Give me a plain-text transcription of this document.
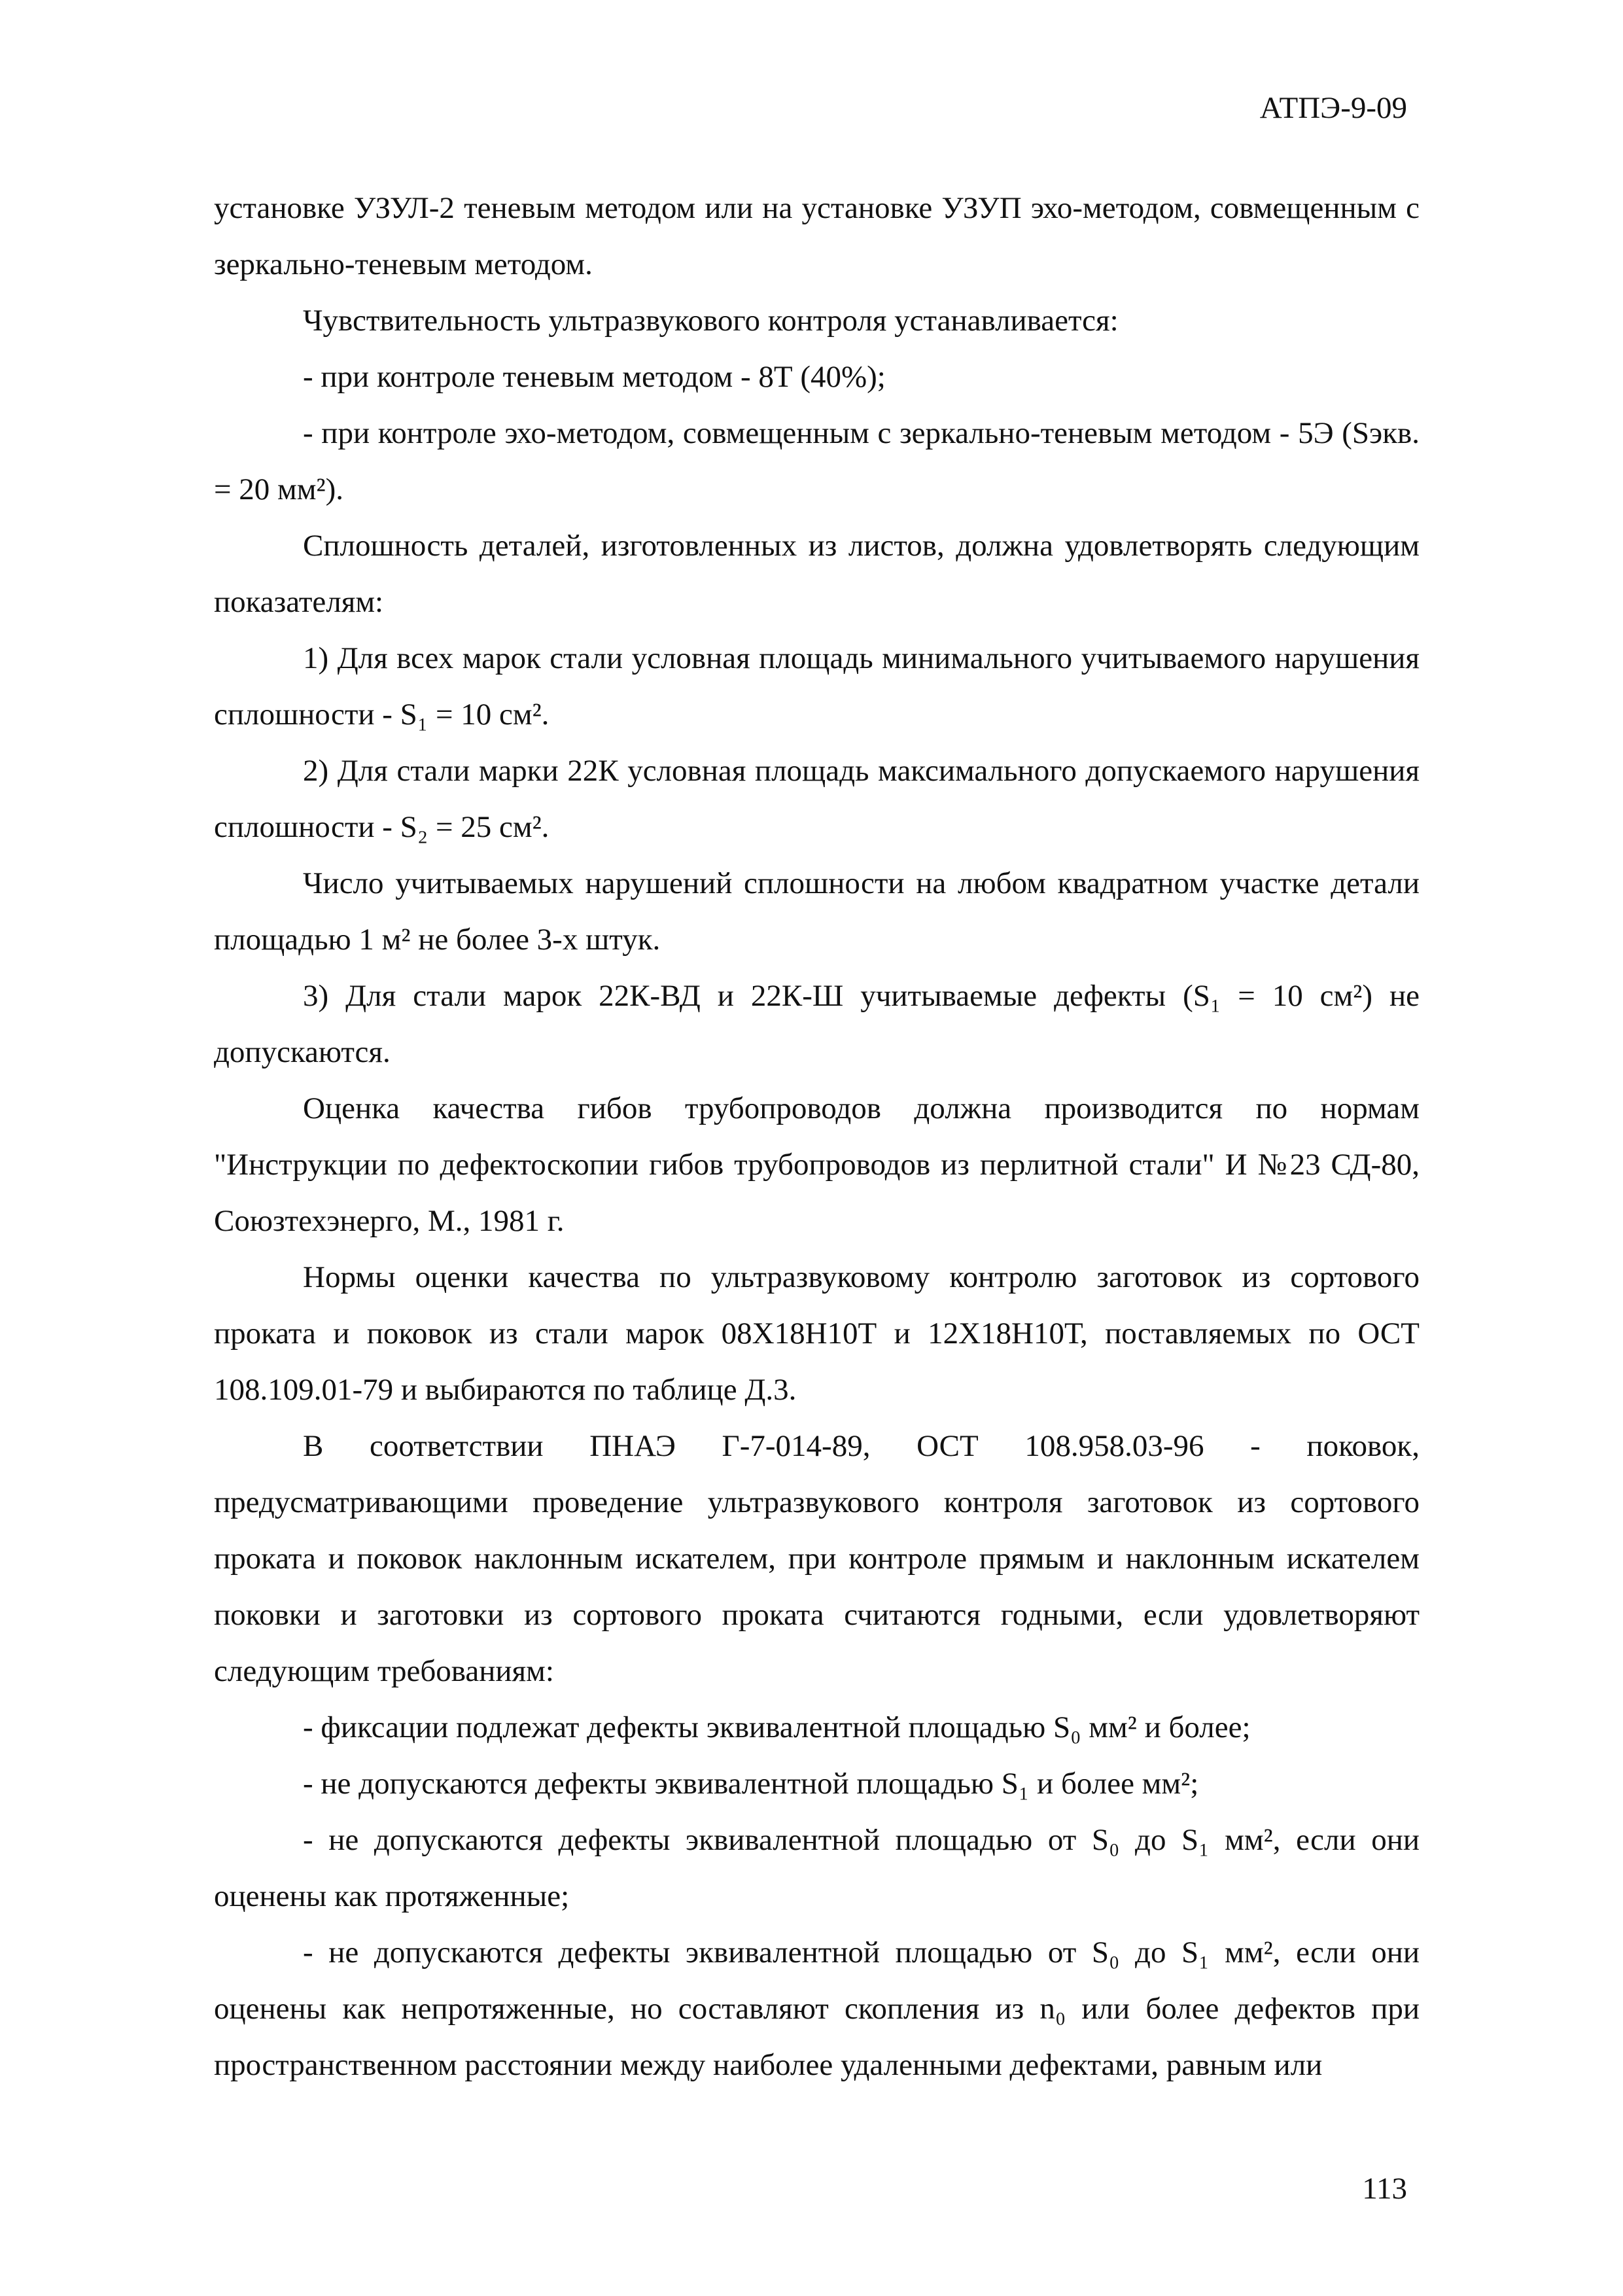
АТПЭ-9-09

установке УЗУЛ-2 теневым методом или на установке УЗУП эхо-методом, совмещенным с зеркально-теневым методом.

Чувствительность ультразвукового контроля устанавливается:

- при контроле теневым методом - 8Т (40%);

- при контроле эхо-методом, совмещенным с зеркально-теневым методом - 5Э (Sэкв. = 20 мм²).

Сплошность деталей, изготовленных из листов, должна удовлетворять следующим показателям:

1) Для всех марок стали условная площадь минимального учитываемого нарушения сплошности - S₁ = 10 см².

2) Для стали марки 22К условная площадь максимального допускаемого нарушения сплошности - S₂ = 25 см².

Число учитываемых нарушений сплошности на любом квадратном участке детали площадью 1 м² не более 3-х штук.

3) Для стали марок 22К-ВД и 22К-Ш учитываемые дефекты (S₁ = 10 см²) не допускаются.

Оценка качества гибов трубопроводов должна производится по нормам "Инструкции по дефектоскопии гибов трубопроводов из перлитной стали" И №23 СД-80, Союзтехэнерго, М., 1981 г.

Нормы оценки качества по ультразвуковому контролю заготовок из сортового проката и поковок из стали марок 08Х18Н10Т и 12Х18Н10Т, поставляемых по ОСТ 108.109.01-79 и выбираются по таблице Д.3.

В соответствии ПНАЭ Г-7-014-89, ОСТ 108.958.03-96 - поковок, предусматривающими проведение ультразвукового контроля заготовок из сортового проката и поковок наклонным искателем, при контроле прямым и наклонным искателем поковки и заготовки из сортового проката считаются годными, если удовлетворяют следующим требованиям:

- фиксации подлежат дефекты эквивалентной площадью S₀ мм² и более;

- не допускаются дефекты эквивалентной площадью S₁ и более мм²;

- не допускаются дефекты эквивалентной площадью от S₀ до S₁ мм², если они оценены как протяженные;

- не допускаются дефекты эквивалентной площадью от S₀ до S₁ мм², если они оценены как непротяженные, но составляют скопления из n₀ или более дефектов при пространственном расстоянии между наиболее удаленными дефектами, равным или

113
